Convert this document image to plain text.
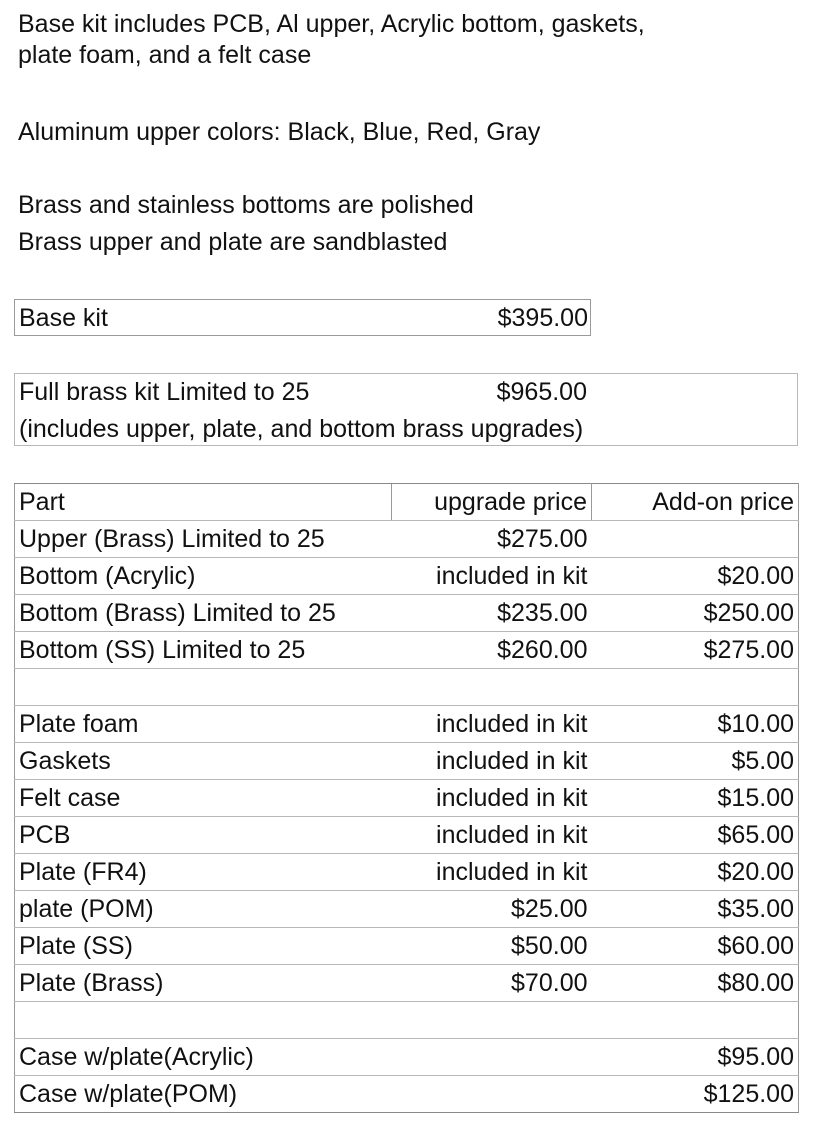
Base kit includes PCB, Al upper, Acrylic bottom, gaskets,
plate foam, and a felt case
Aluminum upper colors: Black, Blue, Red, Gray
Brass and stainless bottoms are polished
Brass upper and plate are sandblasted
Base kit	$395.00
Full brass kit Limited to 25	$965.00
(includes upper, plate, and bottom brass upgrades)
Part	upgrade price	Add-on price
Upper (Brass) Limited to 25	$275.00	
Bottom (Acrylic)	included in kit	$20.00
Bottom (Brass) Limited to 25	$235.00	$250.00
Bottom (SS) Limited to 25	$260.00	$275.00

Plate foam	included in kit	$10.00
Gaskets	included in kit	$5.00
Felt case	included in kit	$15.00
PCB	included in kit	$65.00
Plate (FR4)	included in kit	$20.00
plate (POM)	$25.00	$35.00
Plate (SS)	$50.00	$60.00
Plate (Brass)	$70.00	$80.00

Case w/plate(Acrylic)		$95.00
Case w/plate(POM)		$125.00
